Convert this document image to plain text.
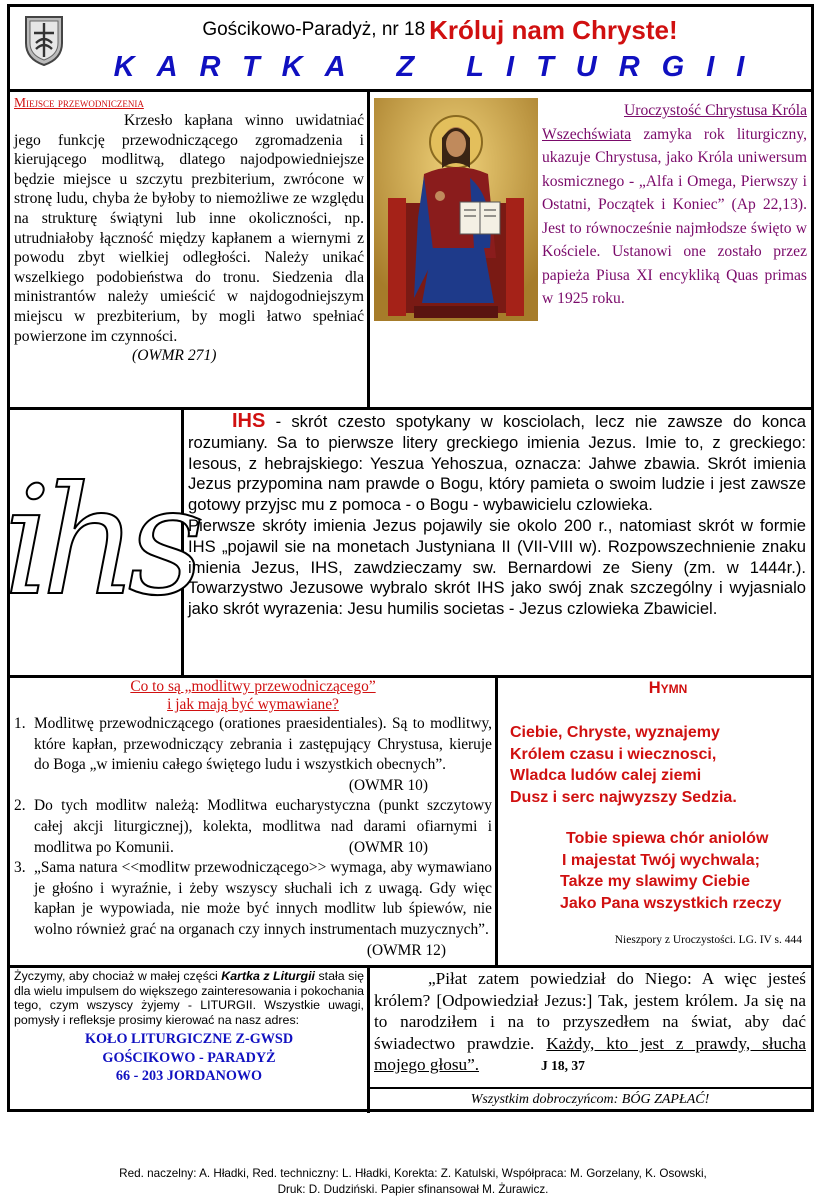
Gościkowo-Paradyż, nr 18 Króluj nam Chryste!
KARTKA Z LITURGII
Miejsce przewodniczenia
Krzesło kapłana winno uwidatniać jego funkcję przewodniczącego zgromadzenia i kierującego modlitwą, dlatego najodpowiedniejsze będzie miejsce u szczytu prezbiterium, zwrócone w stronę ludu, chyba że byłoby to niemożliwe ze względu na strukturę świątyni lub inne okoliczności, np. utrudniałoby łączność między kapłanem a wiernymi z powodu zbyt wielkiej odległości. Należy unikać wszelkiego podobieństwa do tronu. Siedzenia dla ministrantów należy umieścić w najdogodniejszym miejscu w prezbiterium, by mogli łatwo spełniać powierzone im czynności.
(OWMR 271)
Uroczystość Chrystusa Króla Wszechświata zamyka rok liturgiczny, ukazuje Chrystusa, jako Króla uniwersum kosmicznego - „Alfa i Omega, Pierwszy i Ostatni, Początek i Koniec” (Ap 22,13). Jest to równocześnie najmłodsze święto w Kościele. Ustanowi one zostało przez papieża Piusa XI encykliką Quas primas w 1925 roku.
ihs
IHS - skrót czesto spotykany w kosciolach, lecz nie zawsze do konca rozumiany. Sa to pierwsze litery greckiego imienia Jezus. Imie to, z greckiego: Iesous, z hebrajskiego: Yeszua Yehoszua, oznacza: Jahwe zbawia. Skrót imienia Jezus przypomina nam prawde o Bogu, który pamieta o swoim ludzie i jest zawsze gotowy przyjsc mu z pomoca - o Bogu - wybawicielu czlowieka.
Pierwsze skróty imienia Jezus pojawily sie okolo 200 r., natomiast skrót w formie IHS „pojawil sie na monetach Justyniana II (VII-VIII w). Rozpowszechnienie znaku imienia Jezus, IHS, zawdzieczamy sw. Bernardowi ze Sieny (zm. w 1444r.). Towarzystwo Jezusowe wybralo skrót IHS jako swój znak szczególny i wyjasnialo jako skrót wyrazenia: Jesu humilis societas - Jezus czlowieka Zbawiciel.
Co to są „modlitwy przewodniczącego”
i jak mają być wymawiane?
1. Modlitwę przewodniczącego (orationes praesidentiales). Są to modlitwy, które kapłan, przewodniczący zebrania i zastępujący Chrystusa, kieruje do Boga „w imieniu całego świętego ludu i wszystkich obecnych”.
(OWMR 10)
2. Do tych modlitw należą: Modlitwa eucharystyczna (punkt szczytowy całej akcji liturgicznej), kolekta, modlitwa nad darami ofiarnymi i modlitwa po Komunii.	(OWMR 10)
3. „Sama natura <<modlitw przewodniczącego>> wymaga, aby wymawiano je głośno i wyraźnie, i żeby wszyscy słuchali ich z uwagą. Gdy więc kapłan je wypowiada, nie może być innych modlitw lub śpiewów, nie wolno również grać na organach czy innych instrumentach muzycznych”.
(OWMR 12)
Hymn
Ciebie, Chryste, wyznajemy
Królem czasu i wiecznosci,
Wladca ludów calej ziemi
Dusz i serc najwyzszy Sedzia.
Tobie spiewa chór aniolów
I majestat Twój wychwala;
Takze my slawimy Ciebie
Jako Pana wszystkich rzeczy
Nieszpory z Uroczystości. LG. IV s. 444
Życzymy, aby chociaż w małej części Kartka z Liturgii stała się dla wielu impulsem do większego zainteresowania i pokochania tego, czym wszyscy żyjemy - LITURGII. Wszystkie uwagi, pomysły i refleksje prosimy kierować na nasz adres:
KOŁO LITURGICZNE Z-GWSD
GOŚCIKOWO - PARADYŻ
66 - 203 JORDANOWO
„Piłat zatem powiedział do Niego: A więc jesteś królem? [Odpowiedział Jezus:] Tak, jestem królem. Ja się na to narodziłem i na to przyszedłem na świat, aby dać świadectwo prawdzie. Każdy, kto jest z prawdy, słucha mojego głosu”.	J 18, 37
Wszystkim dobroczyńcom: BÓG ZAPŁAĆ!
Red. naczelny: A. Hładki, Red. techniczny: L. Hładki, Korekta: Z. Katulski, Współpraca: M. Gorzelany, K. Osowski,
Druk: D. Dudziński. Papier sfinansował M. Żurawicz.
